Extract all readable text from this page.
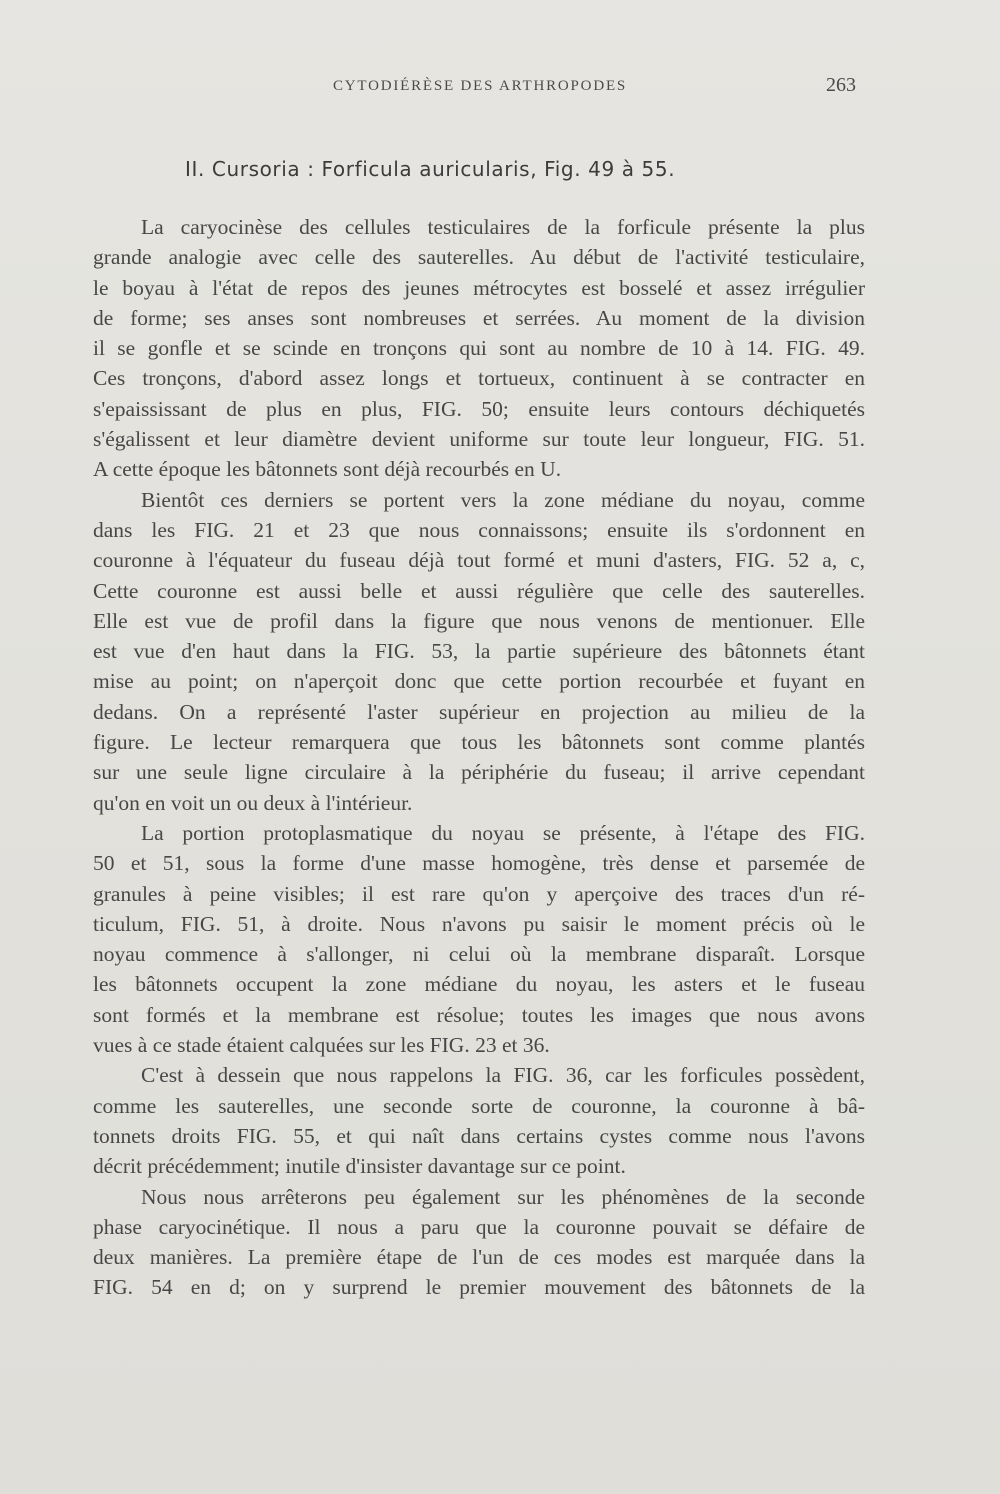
CYTODIÉRÈSE DES ARTHROPODES	263
II. Cursoria : Forficula auricularis, Fig. 49 à 55.
La caryocinèse des cellules testiculaires de la forficule présente la plus
grande analogie avec celle des sauterelles. Au début de l'activité testiculaire,
le boyau à l'état de repos des jeunes métrocytes est bosselé et assez irrégulier
de forme; ses anses sont nombreuses et serrées. Au moment de la division
il se gonfle et se scinde en tronçons qui sont au nombre de 10 à 14. FIG. 49.
Ces tronçons, d'abord assez longs et tortueux, continuent à se contracter en
s'epaississant de plus en plus, FIG. 50; ensuite leurs contours déchiquetés
s'égalissent et leur diamètre devient uniforme sur toute leur longueur, FIG. 51.
A cette époque les bâtonnets sont déjà recourbés en U.
Bientôt ces derniers se portent vers la zone médiane du noyau, comme
dans les FIG. 21 et 23 que nous connaissons; ensuite ils s'ordonnent en
couronne à l'équateur du fuseau déjà tout formé et muni d'asters, FIG. 52 a, c,
Cette couronne est aussi belle et aussi régulière que celle des sauterelles.
Elle est vue de profil dans la figure que nous venons de mentionuer. Elle
est vue d'en haut dans la FIG. 53, la partie supérieure des bâtonnets étant
mise au point; on n'aperçoit donc que cette portion recourbée et fuyant en
dedans. On a représenté l'aster supérieur en projection au milieu de la
figure. Le lecteur remarquera que tous les bâtonnets sont comme plantés
sur une seule ligne circulaire à la périphérie du fuseau; il arrive cependant
qu'on en voit un ou deux à l'intérieur.
La portion protoplasmatique du noyau se présente, à l'étape des FIG.
50 et 51, sous la forme d'une masse homogène, très dense et parsemée de
granules à peine visibles; il est rare qu'on y aperçoive des traces d'un ré-
ticulum, FIG. 51, à droite. Nous n'avons pu saisir le moment précis où le
noyau commence à s'allonger, ni celui où la membrane disparaît. Lorsque
les bâtonnets occupent la zone médiane du noyau, les asters et le fuseau
sont formés et la membrane est résolue; toutes les images que nous avons
vues à ce stade étaient calquées sur les FIG. 23 et 36.
C'est à dessein que nous rappelons la FIG. 36, car les forficules possèdent,
comme les sauterelles, une seconde sorte de couronne, la couronne à bâ-
tonnets droits FIG. 55, et qui naît dans certains cystes comme nous l'avons
décrit précédemment; inutile d'insister davantage sur ce point.
Nous nous arrêterons peu également sur les phénomènes de la seconde
phase caryocinétique. Il nous a paru que la couronne pouvait se défaire de
deux manières. La première étape de l'un de ces modes est marquée dans la
FIG. 54 en d; on y surprend le premier mouvement des bâtonnets de la
